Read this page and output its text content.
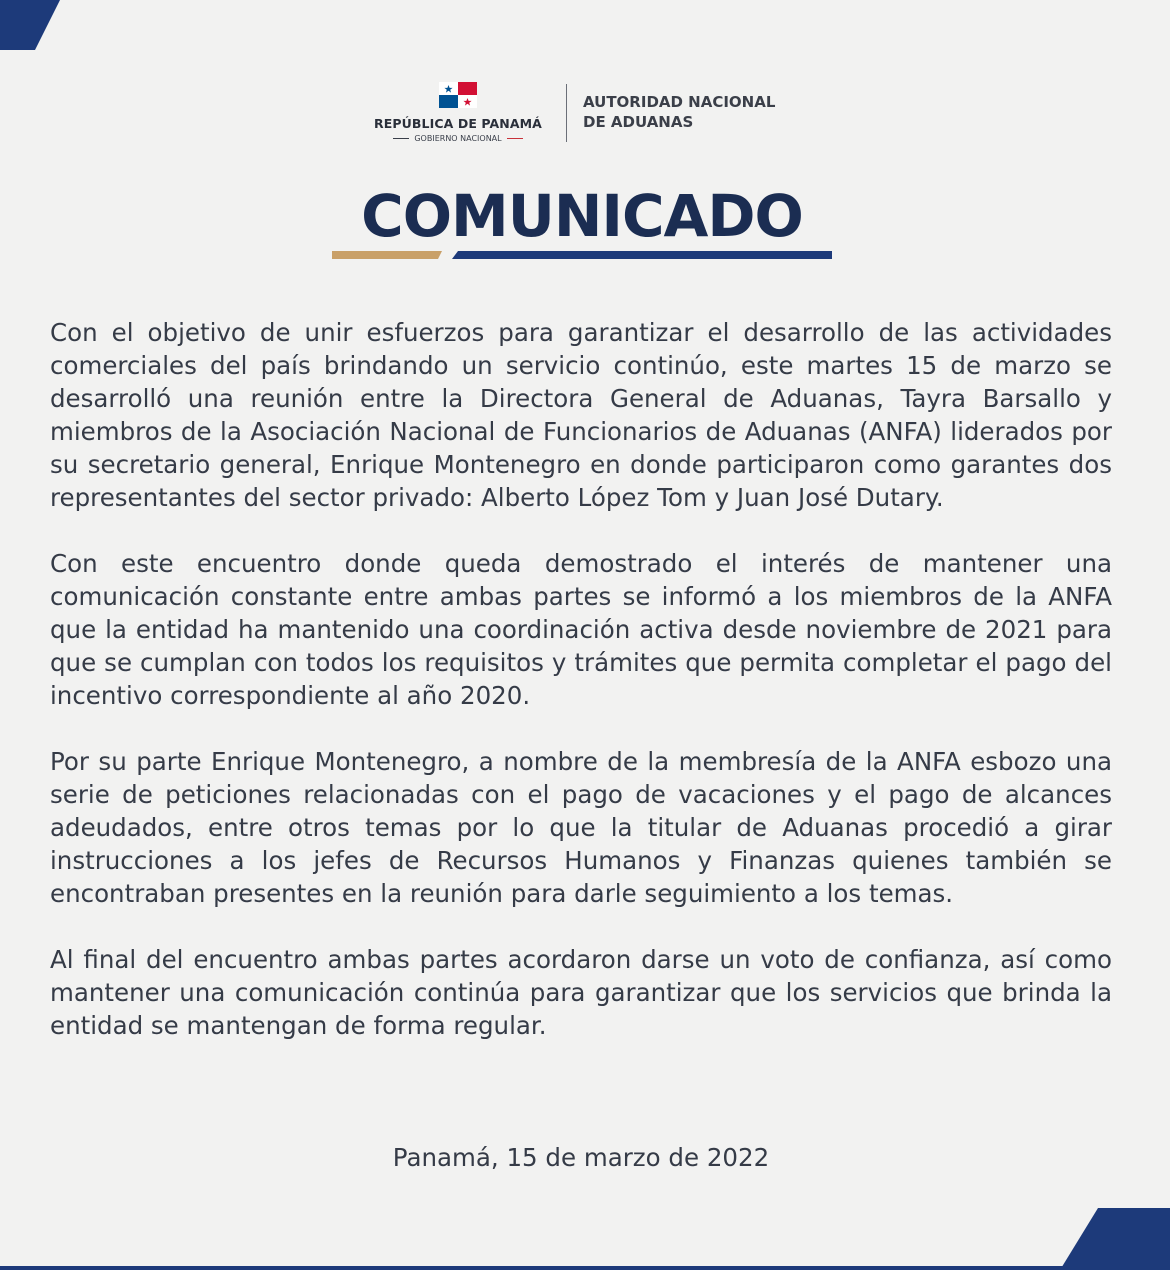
REPÚBLICA DE PANAMÁ
GOBIERNO NACIONAL
AUTORIDAD NACIONAL
DE ADUANAS
COMUNICADO

Con el objetivo de unir esfuerzos para garantizar el desarrollo de las actividades comerciales del país brindando un servicio continúo, este martes 15 de marzo se desarrolló una reunión entre la Directora General de Aduanas, Tayra Barsallo y miembros de la Asociación Nacional de Funcionarios de Aduanas (ANFA) liderados por su secretario general, Enrique Montenegro en donde participaron como garantes dos representantes del sector privado: Alberto López Tom y Juan José Dutary.

Con este encuentro donde queda demostrado el interés de mantener una comunicación constante entre ambas partes se informó a los miembros de la ANFA que la entidad ha mantenido una coordinación activa desde noviembre de 2021 para que se cumplan con todos los requisitos y trámites que permita completar el pago del incentivo correspondiente al año 2020.

Por su parte Enrique Montenegro, a nombre de la membresía de la ANFA esbozo una serie de peticiones relacionadas con el pago de vacaciones y el pago de alcances adeudados, entre otros temas por lo que la titular de Aduanas procedió a girar instrucciones a los jefes de Recursos Humanos y Finanzas quienes también se encontraban presentes en la reunión para darle seguimiento a los temas.

Al final del encuentro ambas partes acordaron darse un voto de confianza, así como mantener una comunicación continúa para garantizar que los servicios que brinda la entidad se mantengan de forma regular.

Panamá, 15 de marzo de 2022
